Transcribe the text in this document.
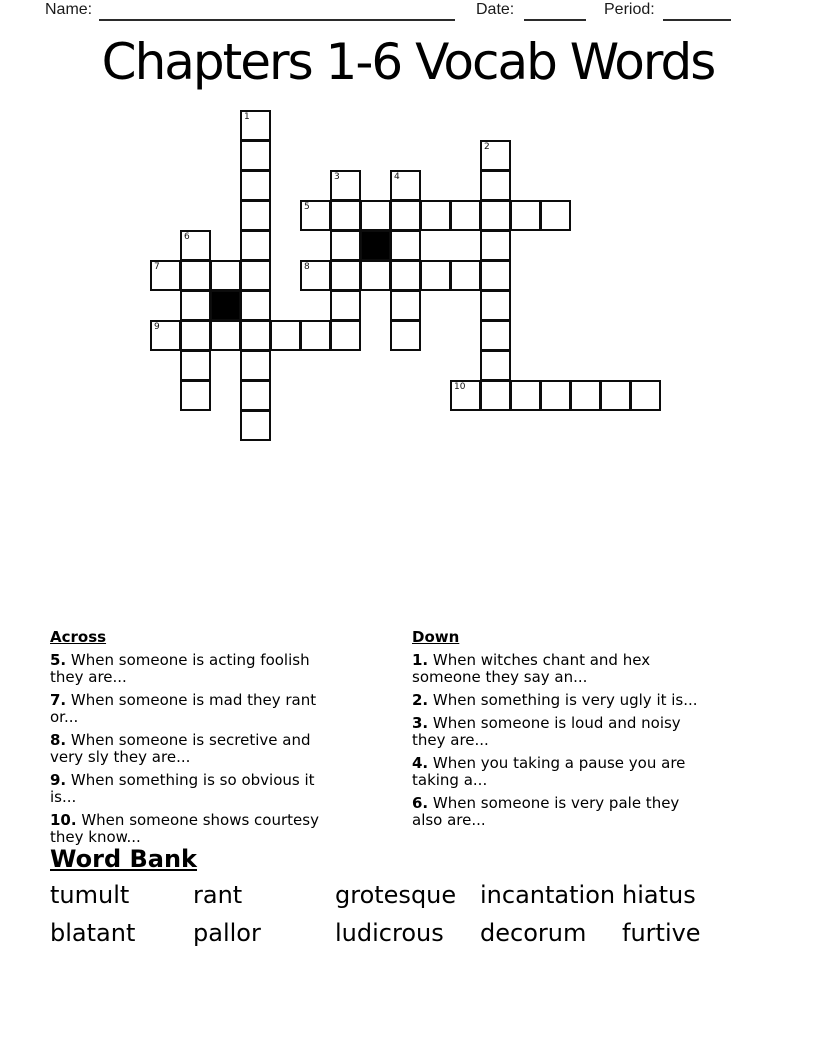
Name:	Date:	Period:
Chapters 1-6 Vocab Words
1
2
3	4
5
6
7	8
9
10
Across
5. When someone is acting foolish they are...
7. When someone is mad they rant or...
8. When someone is secretive and very sly they are...
9. When something is so obvious it is...
10. When someone shows courtesy they know...
Down
1. When witches chant and hex someone they say an...
2. When something is very ugly it is...
3. When someone is loud and noisy they are...
4. When you taking a pause you are taking a...
6. When someone is very pale they also are...
Word Bank
tumult	rant	grotesque incantation hiatus
blatant	pallor	ludicrous	decorum	furtive
